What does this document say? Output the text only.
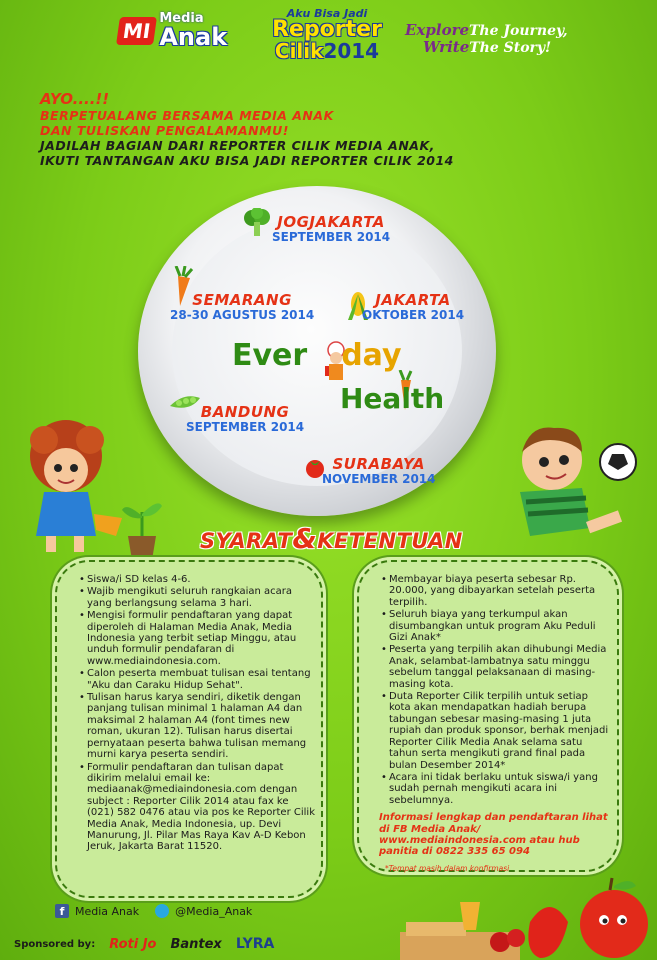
MI Media
Anak
Aku Bisa Jadi
Reporter
Cilik2014
ExploreThe Journey,
WriteThe Story!
AYO....!!
BERPETUALANG BERSAMA MEDIA ANAK
DAN TULISKAN PENGALAMANMU!
JADILAH BAGIAN DARI REPORTER CILIK MEDIA ANAK,
IKUTI TANTANGAN AKU BISA JADI REPORTER CILIK 2014
JOGJAKARTA
SEPTEMBER 2014
SEMARANG
28-30 AGUSTUS 2014
JAKARTA
OKTOBER 2014
BANDUNG
SEPTEMBER 2014
SURABAYA
NOVEMBER 2014
Ever day
Health
SYARAT&KETENTUAN
• Siswa/i SD kelas 4-6.
• Wajib mengikuti seluruh rangkaian acara yang berlangsung selama 3 hari.
• Mengisi formulir pendaftaran yang dapat diperoleh di Halaman Media Anak, Media Indonesia yang terbit setiap Minggu, atau unduh formulir pendafaran di www.mediaindonesia.com.
• Calon peserta membuat tulisan esai tentang "Aku dan Caraku Hidup Sehat".
• Tulisan harus karya sendiri, diketik dengan panjang tulisan minimal 1 halaman A4 dan maksimal 2 halaman A4 (font times new roman, ukuran 12). Tulisan harus disertai pernyataan peserta bahwa tulisan memang murni karya peserta sendiri.
• Formulir pendaftaran dan tulisan dapat dikirim melalui email ke: mediaanak@mediaindonesia.com dengan subject : Reporter Cilik 2014 atau fax ke (021) 582 0476 atau via pos ke Reporter Cilik Media Anak, Media Indonesia, up. Devi Manurung, Jl. Pilar Mas Raya Kav A-D Kebon Jeruk, Jakarta Barat 11520.
• Membayar biaya peserta sebesar Rp. 20.000, yang dibayarkan setelah peserta terpilih.
• Seluruh biaya yang terkumpul akan disumbangkan untuk program Aku Peduli Gizi Anak*
• Peserta yang terpilih akan dihubungi Media Anak, selambat-lambatnya satu minggu sebelum tanggal pelaksanaan di masing-masing kota.
• Duta Reporter Cilik terpilih untuk setiap kota akan mendapatkan hadiah berupa tabungan sebesar masing-masing 1 juta rupiah dan produk sponsor, berhak menjadi Reporter Cilik Media Anak selama satu tahun serta mengikuti grand final pada bulan Desember 2014*
• Acara ini tidak berlaku untuk siswa/i yang sudah pernah mengikuti acara ini sebelumnya.
Informasi lengkap dan pendaftaran lihat di FB Media Anak/ www.mediaindonesia.com atau hub panitia di 0822 335 65 094
*Tempat masih dalam konfirmasi
f Media Anak	@Media_Anak
Sponsored by: Roti Jo Bantex LYRA
